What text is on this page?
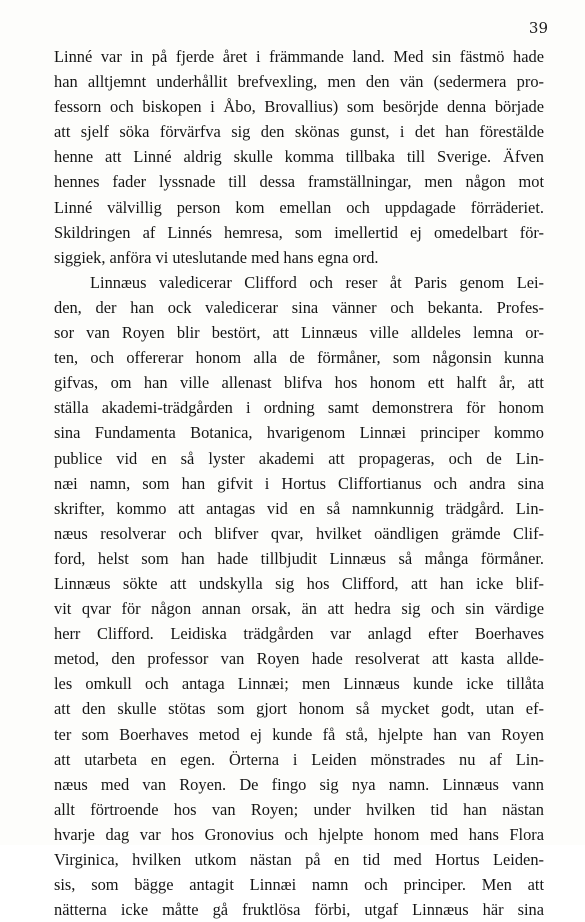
39
Linné var in på fjerde året i främmande land. Med sin fästmö hade
han alltjemnt underhållit brefvexling, men den vän (sedermera pro-
fessorn och biskopen i Åbo, Brovallius) som besörjde denna började
att sjelf söka förvärfva sig den skönas gunst, i det han förestälde
henne att Linné aldrig skulle komma tillbaka till Sverige. Äfven
hennes fader lyssnade till dessa framställningar, men någon mot
Linné välvillig person kom emellan och uppdagade förräderiet.
Skildringen af Linnés hemresa, som imellertid ej omedelbart för-
siggiek, anföra vi uteslutande med hans egna ord.
Linnæus valedicerar Clifford och reser åt Paris genom Lei-
den, der han ock valedicerar sina vänner och bekanta. Profes-
sor van Royen blir bestört, att Linnæus ville alldeles lemna or-
ten, och offererar honom alla de förmåner, som någonsin kunna
gifvas, om han ville allenast blifva hos honom ett halft år, att
ställa akademi-trädgården i ordning samt demonstrera för honom
sina Fundamenta Botanica, hvarigenom Linnæi principer kommo
publice vid en så lyster akademi att propageras, och de Lin-
næi namn, som han gifvit i Hortus Cliffortianus och andra sina
skrifter, kommo att antagas vid en så namnkunnig trädgård. Lin-
næus resolverar och blifver qvar, hvilket oändligen grämde Clif-
ford, helst som han hade tillbjudit Linnæus så många förmåner.
Linnæus sökte att undskylla sig hos Clifford, att han icke blif-
vit qvar för någon annan orsak, än att hedra sig och sin värdige
herr Clifford. Leidiska trädgården var anlagd efter Boerhaves
metod, den professor van Royen hade resolverat att kasta allde-
les omkull och antaga Linnæi; men Linnæus kunde icke tillåta
att den skulle stötas som gjort honom så mycket godt, utan ef-
ter som Boerhaves metod ej kunde få stå, hjelpte han van Royen
att utarbeta en egen. Örterna i Leiden mönstrades nu af Lin-
næus med van Royen. De fingo sig nya namn. Linnæus vann
allt förtroende hos van Royen; under hvilken tid han nästan
hvarje dag var hos Gronovius och hjelpte honom med hans Flora
Virginica, hvilken utkom nästan på en tid med Hortus Leiden-
sis, som bägge antagit Linnæi namn och principer. Men att
nätterna icke måtte gå fruktlösa förbi, utgaf Linnæus här sina
